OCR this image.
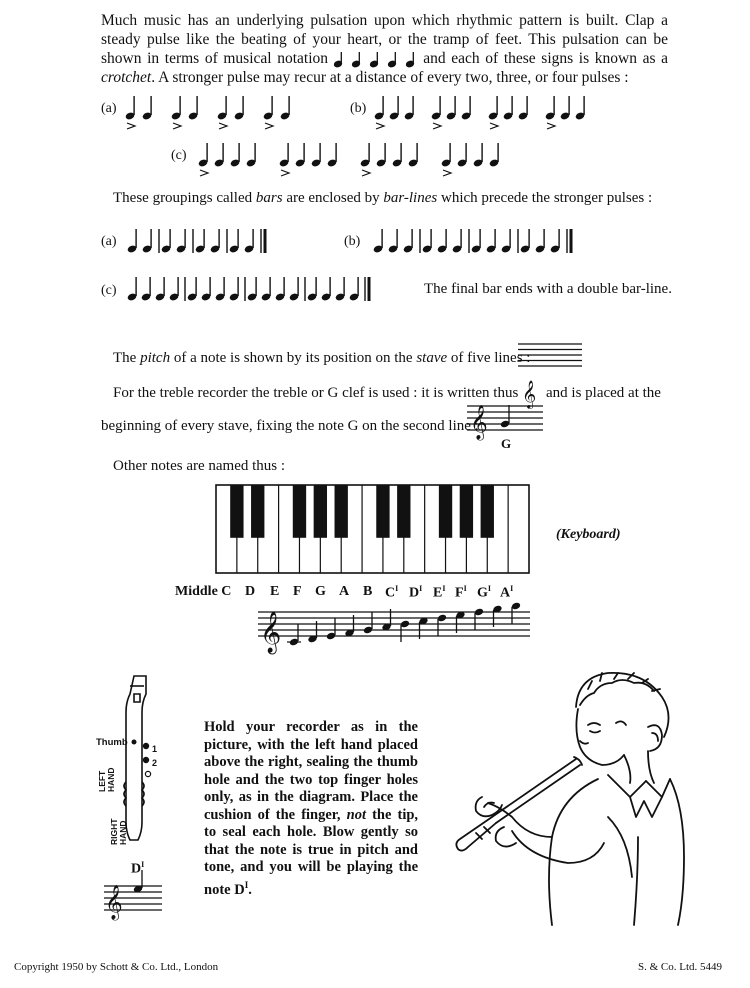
Much music has an underlying pulsation upon which rhythmic pattern is built. Clap a steady pulse like the beating of your heart, or the tramp of feet. This pulsation can be shown in terms of musical notation	and each of these signs is known as a crotchet. A stronger pulse may recur at a distance of every two, three, or four pulses :
(a)	(b)
(c)
These groupings called bars are enclosed by bar-lines which precede the stronger pulses :
(a)	(b)
(c)	The final bar ends with a double bar-line.
The pitch of a note is shown by its position on the stave of five lines :
For the treble recorder the treble or G clef is used : it is written thus 𝄞 and is placed at the
beginning of every stave, fixing the note G on the second line :
𝄞
G
Other notes are named thus :
(Keyboard)
Middle C D E F G A B $C^I$ $D^I$ $E^I$ $F^I$ $G^I$ $A^I$
𝄞
Thumb
LEFT HAND
RIGHT HAND
1
2
$D^I$
𝄞
Hold your recorder as in the picture, with the left hand placed above the right, sealing the thumb hole and the two top finger holes only, as in the diagram. Place the cushion of the finger, not the tip, to seal each hole. Blow gently so that the note is true in pitch and tone, and you will be playing the note $D^I$.
Copyright 1950 by Schott & Co. Ltd., London	S. & Co. Ltd. 5449
